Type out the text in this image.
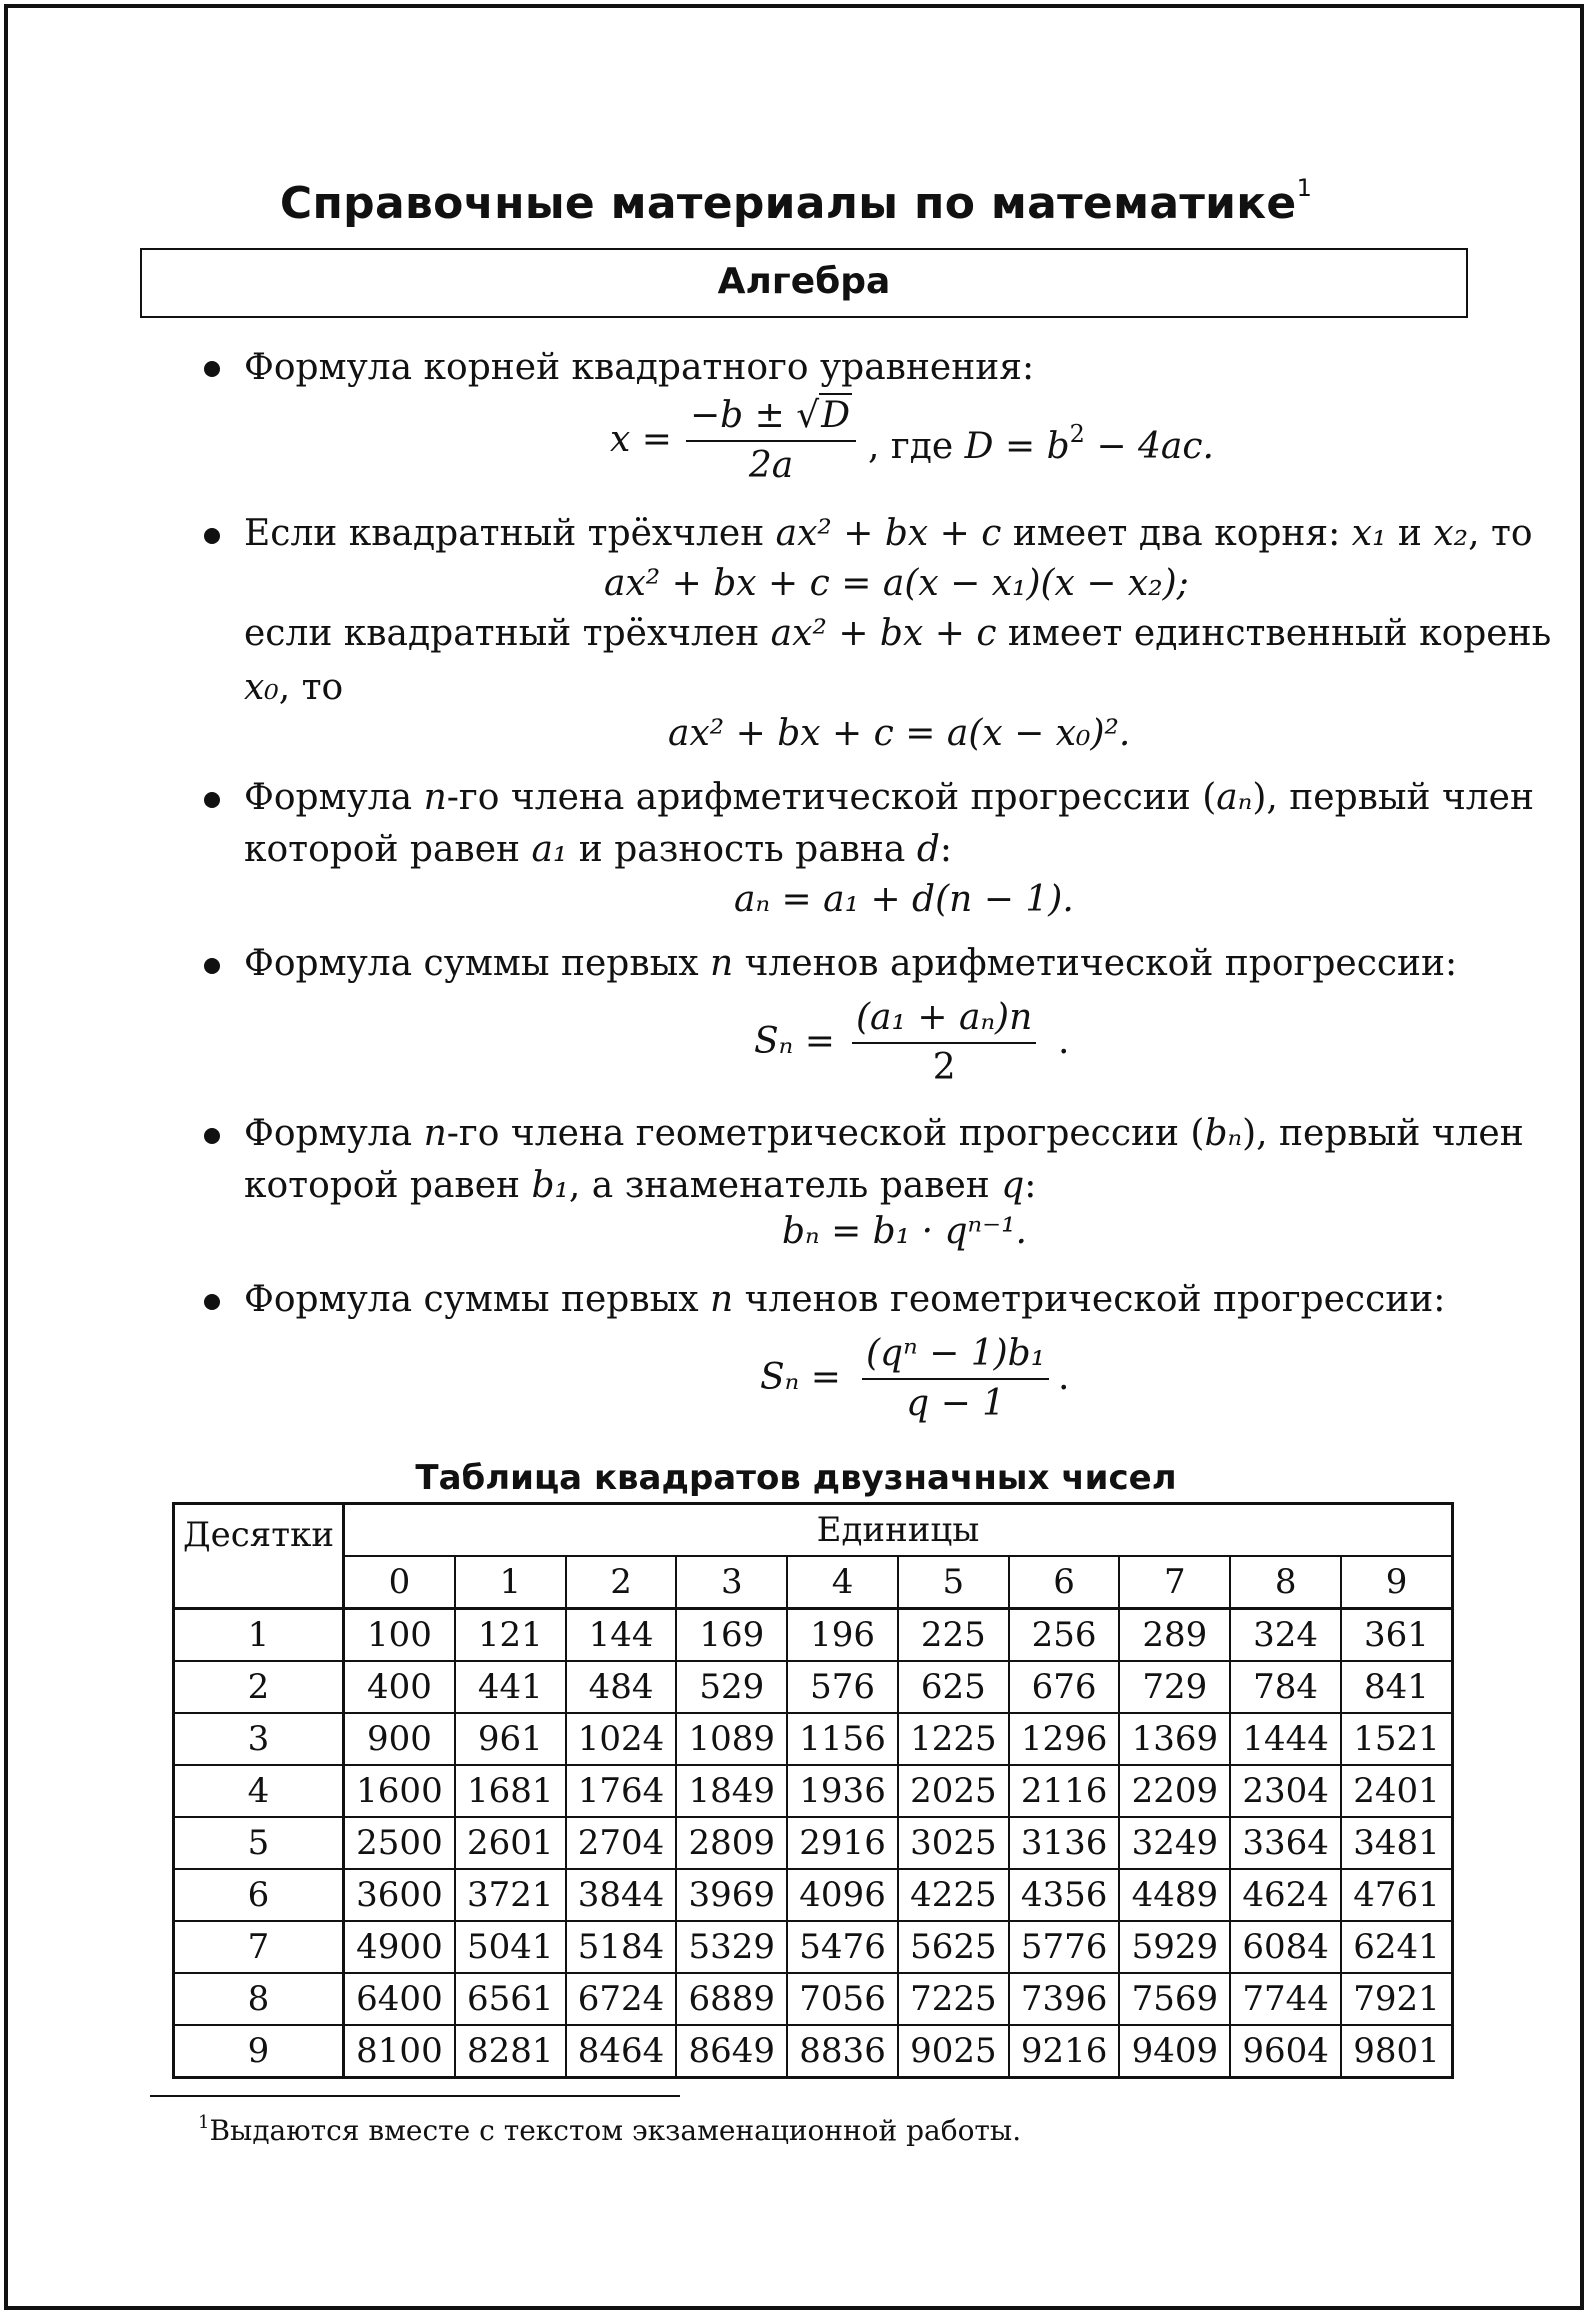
Справочные материалы по математике$^1$
Алгебра
Формула корней квадратного уравнения:
$x = \frac{-b \pm √D}{2a}$ , где $D = b^2 - 4ac$.
Если квадратный трёхчлен ax² + bx + c имеет два корня: x₁ и x₂, то
ax² + bx + c = a(x − x₁)(x − x₂);
если квадратный трёхчлен ax² + bx + c имеет единственный корень
x₀, то
ax² + bx + c = a(x − x₀)².
Формула n-го члена арифметической прогрессии (aₙ), первый член
которой равен a₁ и разность равна d:
aₙ = a₁ + d(n − 1).
Формула суммы первых n членов арифметической прогрессии:
$S_n = \frac{\text{(a₁ + aₙ)n}}{2}$ .
Формула n-го члена геометрической прогрессии (bₙ), первый член
которой равен b₁, а знаменатель равен q:
bₙ = b₁ · qⁿ⁻¹.
Формула суммы первых n членов геометрической прогрессии:
$S_n = \frac{\text{(qⁿ − 1)b₁}}{q - 1}$ .
Таблица квадратов двузначных чисел
Десятки	Единицы									
	0	1	2	3	4	5	6	7	8	9
1	100	121	144	169	196	225	256	289	324	361
2	400	441	484	529	576	625	676	729	784	841
3	900	961	1024	1089	1156	1225	1296	1369	1444	1521
4	1600	1681	1764	1849	1936	2025	2116	2209	2304	2401
5	2500	2601	2704	2809	2916	3025	3136	3249	3364	3481
6	3600	3721	3844	3969	4096	4225	4356	4489	4624	4761
7	4900	5041	5184	5329	5476	5625	5776	5929	6084	6241
8	6400	6561	6724	6889	7056	7225	7396	7569	7744	7921
9	8100	8281	8464	8649	8836	9025	9216	9409	9604	9801
$^1$Выдаются вместе с текстом экзаменационной работы.
